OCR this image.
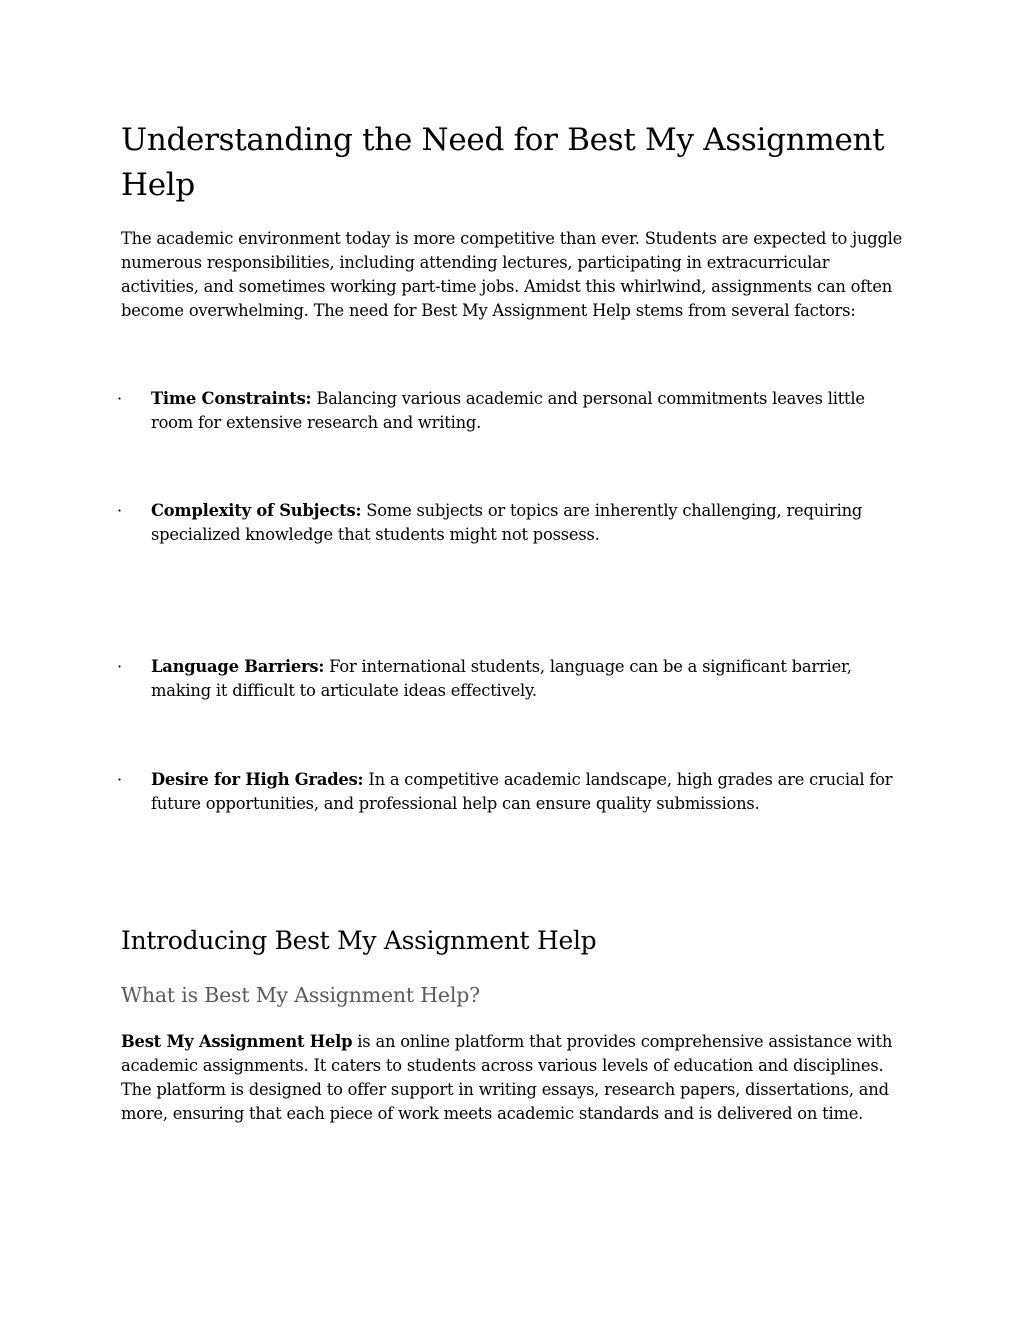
Understanding the Need for Best My Assignment Help

The academic environment today is more competitive than ever. Students are expected to juggle numerous responsibilities, including attending lectures, participating in extracurricular activities, and sometimes working part-time jobs. Amidst this whirlwind, assignments can often become overwhelming. The need for Best My Assignment Help stems from several factors:

·	Time Constraints: Balancing various academic and personal commitments leaves little room for extensive research and writing.

·	Complexity of Subjects: Some subjects or topics are inherently challenging, requiring specialized knowledge that students might not possess.

·	Language Barriers: For international students, language can be a significant barrier, making it difficult to articulate ideas effectively.

·	Desire for High Grades: In a competitive academic landscape, high grades are crucial for future opportunities, and professional help can ensure quality submissions.

Introducing Best My Assignment Help
What is Best My Assignment Help?

Best My Assignment Help is an online platform that provides comprehensive assistance with academic assignments. It caters to students across various levels of education and disciplines. The platform is designed to offer support in writing essays, research papers, dissertations, and more, ensuring that each piece of work meets academic standards and is delivered on time.
